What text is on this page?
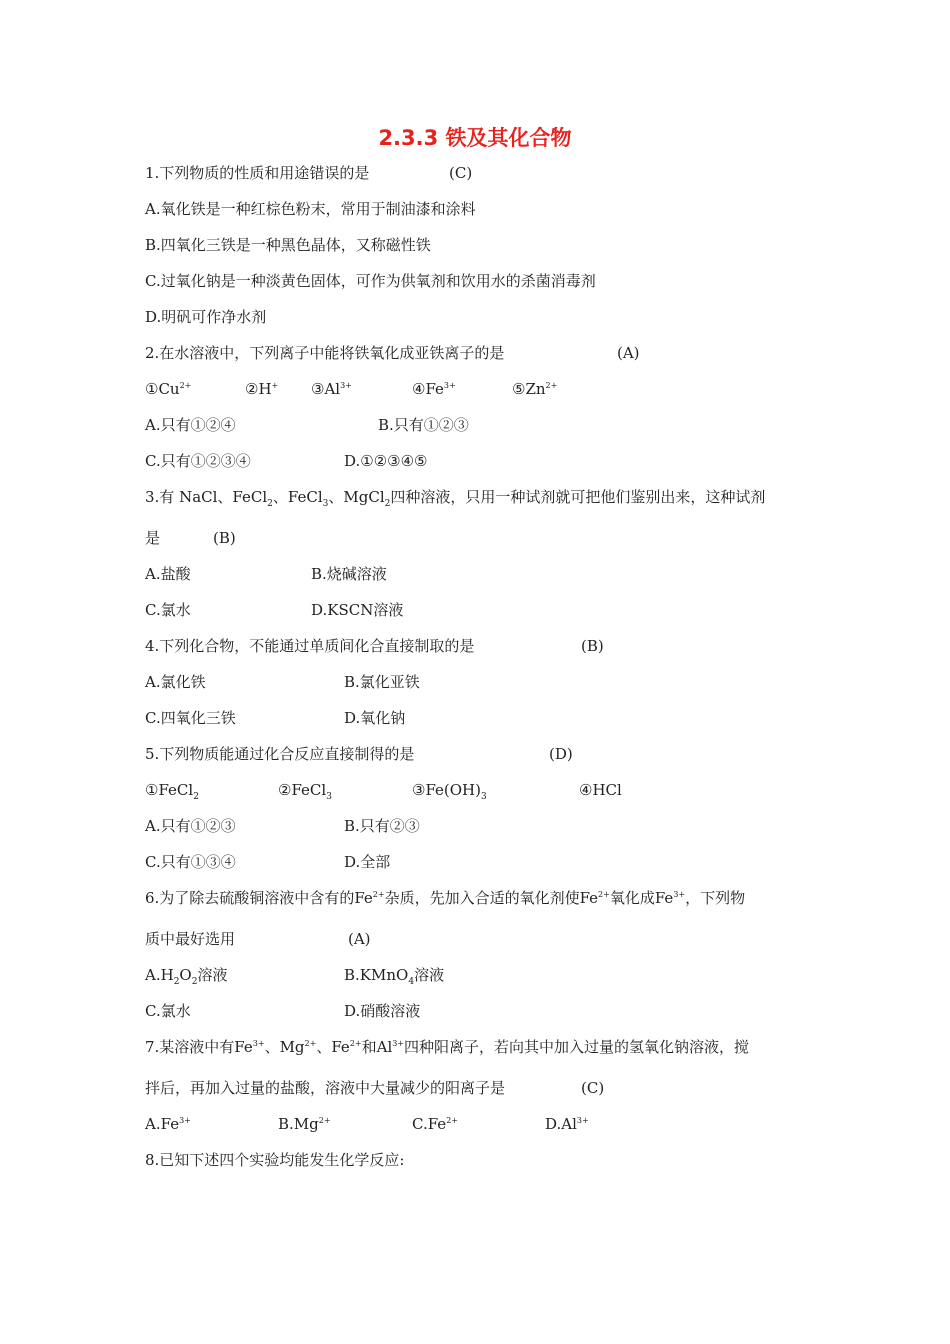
2.3.3 铁及其化合物
1.下列物质的性质和用途错误的是	(C)
A.氧化铁是一种红棕色粉末，常用于制油漆和涂料
B.四氧化三铁是一种黑色晶体，又称磁性铁
C.过氧化钠是一种淡黄色固体，可作为供氧剂和饮用水的杀菌消毒剂
D.明矾可作净水剂
2.在水溶液中，下列离子中能将铁氧化成亚铁离子的是	(A)
$①Cu^{2+}$	②H+ $③Al^{3+}$	$④Fe^{3+}$	$⑤Zn^{2+}$
A.只有①②④	B.只有①②③
C.只有①②③④	D.①②③④⑤
3.有 NaCl、FeCl$_2$、FeCl$_3$、MgCl$_2$四种溶液，只用一种试剂就可把他们鉴别出来，这种试剂
是	(B)
A.盐酸	B.烧碱溶液
C.氯水	D.KSCN溶液
4.下列化合物，不能通过单质间化合直接制取的是	(B)
A.氯化铁	B.氯化亚铁
C.四氧化三铁	D.氧化钠
5.下列物质能通过化合反应直接制得的是	(D)
①FeCl$_2$	②FeCl$_3$	$③Fe(OH)_3$	④HCl
A.只有①②③	B.只有②③
C.只有①③④	D.全部
6.为了除去硫酸铜溶液中含有的$Fe^{2+}$杂质，先加入合适的氧化剂使$Fe^{2+}$氧化成$Fe^{3+}$，下列物
质中最好选用	(A)
$A.H_2O_2$溶液	B.KMnO$_4$溶液
C.氯水	D.硝酸溶液
7.某溶液中有$Fe^{3+}$、$Mg^{2+}$、$Fe^{2+}$和$Al^{3+}$四种阳离子，若向其中加入过量的氢氧化钠溶液，搅
拌后，再加入过量的盐酸，溶液中大量减少的阳离子是	(C)
$A.Fe^{3+}$	$B.Mg^{2+}$	$C.Fe^{2+}$	$D.Al^{3+}$
8.已知下述四个实验均能发生化学反应:
